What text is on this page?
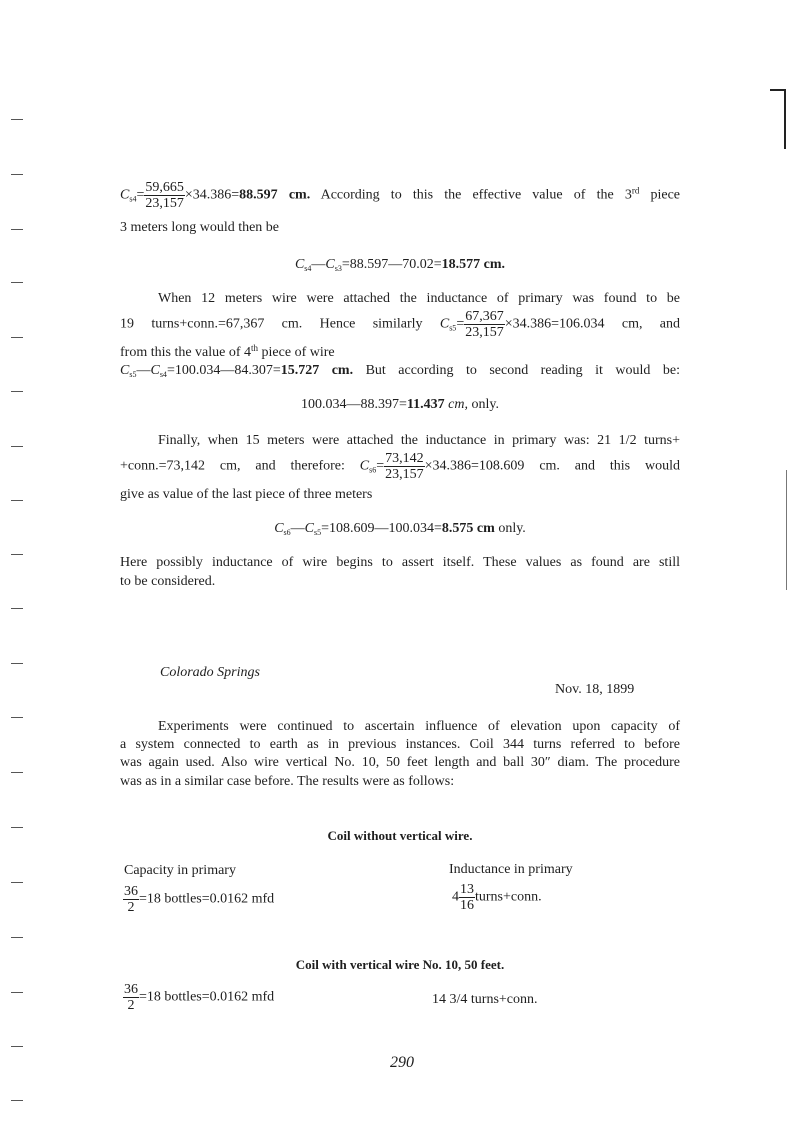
$C_{s4}= \frac{59,665}{23,157} \times 34.386=88.597$ cm. According to this the effective value of the 3rd piece
3 meters long would then be
$C_{s4}—C_{s3}=88.597—70.02=18.577$ cm.
When 12 meters wire were attached the inductance of primary was found to be
19 turns+conn.=67,367 cm. Hence similarly $C_{s5}= \frac{67,367}{23,157} \times 34.386=106.034$ cm, and
from this the value of 4th piece of wire
$C_{s5}—C_{s4}=100.034—84.307=15.727$ cm. But according to second reading it would be:
100.034—88.397=11.437 cm, only.
Finally, when 15 meters were attached the inductance in primary was: 21 1/2 turns+
+conn.=73,142 cm, and therefore: $C_{s6}= \frac{73,142}{23,157} \times 34.386=108.609$ cm. and this would
give as value of the last piece of three meters
$C_{s6}—C_{s5}=108.609—100.034=8.575$ cm only.
Here possibly inductance of wire begins to assert itself. These values as found are still
to be considered.
Colorado Springs
Nov. 18, 1899
Experiments were continued to ascertain influence of elevation upon capacity of
a system connected to earth as in previous instances. Coil 344 turns referred to before
was again used. Also wire vertical No. 10, 50 feet length and ball 30″ diam. The procedure
was as in a similar case before. The results were as follows:
Coil without vertical wire.
Capacity in primary	Inductance in primary
$\frac{36}{2} =18$ bottles=0.0162 mfd	$4 \frac{13}{16}$ turns+conn.
Coil with vertical wire No. 10, 50 feet.
$\frac{36}{2} =18$ bottles=0.0162 mfd	14 3/4 turns+conn.
290
